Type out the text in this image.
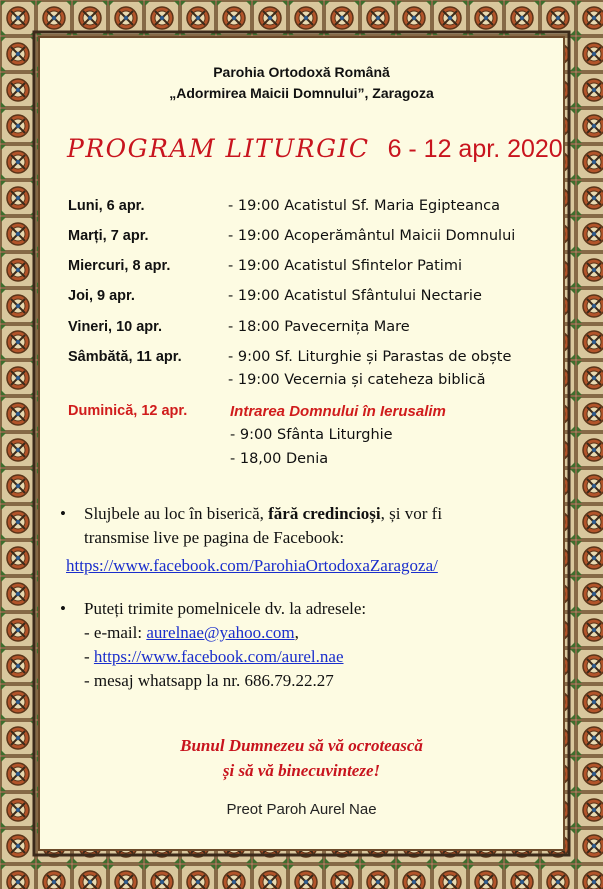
Parohia Ortodoxă Română
„Adormirea Maicii Domnului”, Zaragoza
PROGRAM LITURGIC 6 - 12 apr. 2020
Luni, 6 apr.	- 19:00 Acatistul Sf. Maria Egipteanca
Marți, 7 apr.	- 19:00 Acoperământul Maicii Domnului
Miercuri, 8 apr.	- 19:00 Acatistul Sfintelor Patimi
Joi, 9 apr.	- 19:00 Acatistul Sfântului Nectarie
Vineri, 10 apr.	- 18:00 Pavecernița Mare
Sâmbătă, 11 apr.	- 9:00 Sf. Liturghie și Parastas de obște
- 19:00 Vecernia și cateheza biblică
Duminică, 12 apr.	Intrarea Domnului în Ierusalim
- 9:00 Sfânta Liturghie
- 18,00 Denia
•	Slujbele au loc în biserică, fără credincioși, și vor fi
transmise live pe pagina de Facebook:
https://www.facebook.com/ParohiaOrtodoxaZaragoza/
•	Puteți trimite pomelnicele dv. la adresele:
- e-mail: aurelnae@yahoo.com,
- https://www.facebook.com/aurel.nae
- mesaj whatsapp la nr. 686.79.22.27
Bunul Dumnezeu să vă ocrotească
și să vă binecuvinteze!
Preot Paroh Aurel Nae
